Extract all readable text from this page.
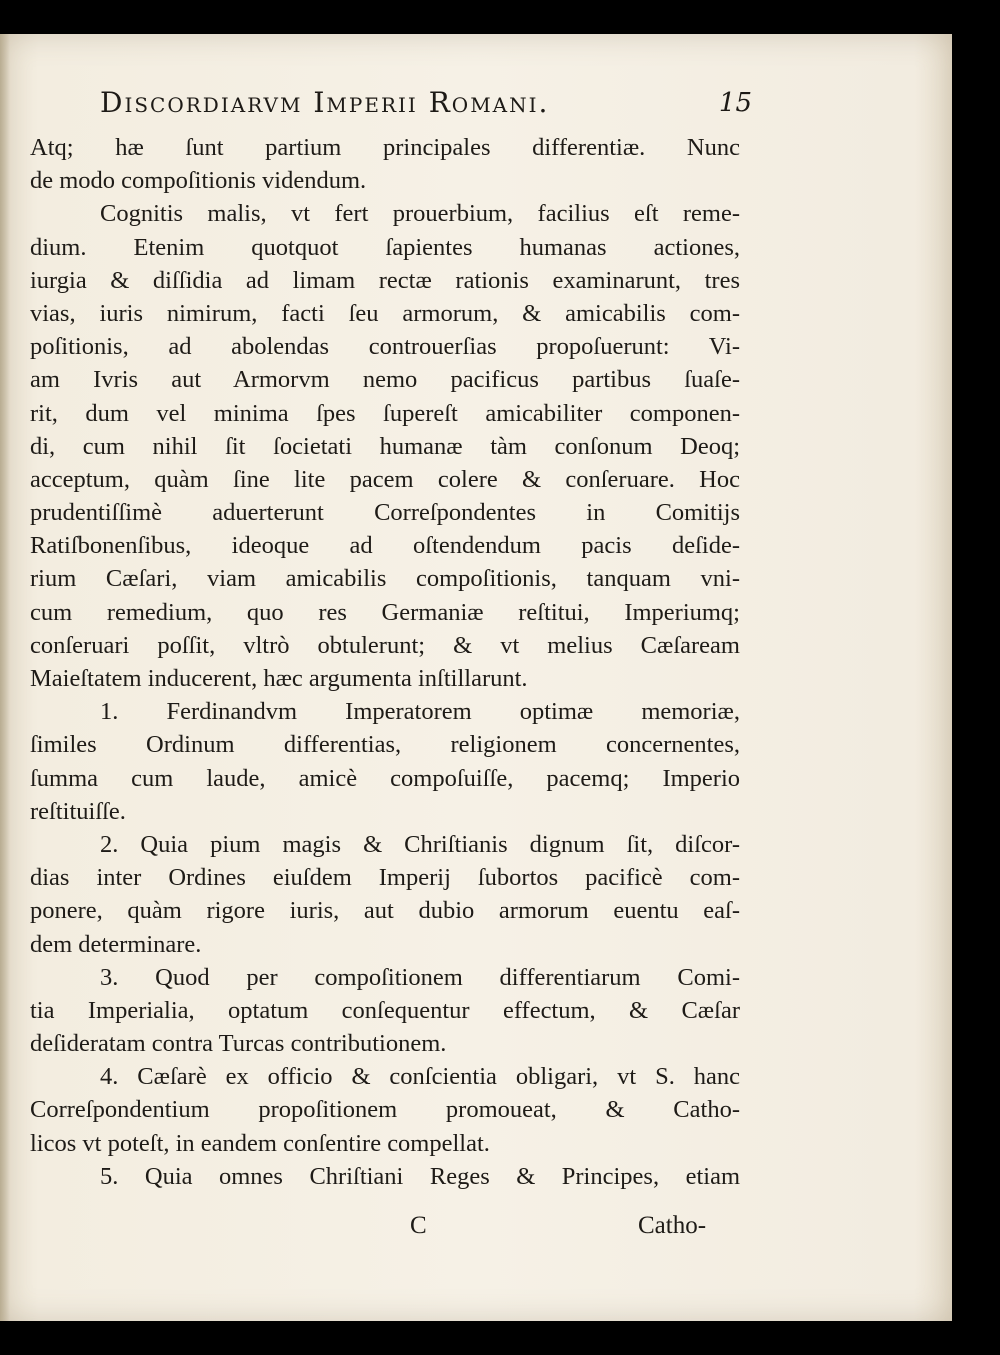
Discordiarvm Imperii Romani.	15
Atq; hæ ſunt partium principales differentiæ. Nunc
de modo compoſitionis videndum.
Cognitis malis, vt fert prouerbium, facilius eſt reme-
dium. Etenim quotquot ſapientes humanas actiones,
iurgia & diſſidia ad limam rectæ rationis examinarunt, tres
vias, iuris nimirum, facti ſeu armorum, & amicabilis com-
poſitionis, ad abolendas controuerſias propoſuerunt: Vi-
am Ivris aut Armorvm nemo pacificus partibus ſuaſe-
rit, dum vel minima ſpes ſupereſt amicabiliter componen-
di, cum nihil ſit ſocietati humanæ tàm conſonum Deoq;
acceptum, quàm ſine lite pacem colere & conſeruare. Hoc
prudentiſſimè aduerterunt Correſpondentes in Comitijs
Ratiſbonenſibus, ideoque ad oſtendendum pacis deſide-
rium Cæſari, viam amicabilis compoſitionis, tanquam vni-
cum remedium, quo res Germaniæ reſtitui, Imperiumq;
conſeruari poſſit, vltrò obtulerunt; & vt melius Cæſaream
Maieſtatem inducerent, hæc argumenta inſtillarunt.
1. Ferdinandvm Imperatorem optimæ memoriæ,
ſimiles Ordinum differentias, religionem concernentes,
ſumma cum laude, amicè compoſuiſſe, pacemq; Imperio
reſtituiſſe.
2. Quia pium magis & Chriſtianis dignum ſit, diſcor-
dias inter Ordines eiuſdem Imperij ſubortos pacificè com-
ponere, quàm rigore iuris, aut dubio armorum euentu eaſ-
dem determinare.
3. Quod per compoſitionem differentiarum Comi-
tia Imperialia, optatum conſequentur effectum, & Cæſar
deſideratam contra Turcas contributionem.
4. Cæſarè ex officio & conſcientia obligari, vt S. hanc
Correſpondentium propoſitionem promoueat, & Catho-
licos vt poteſt, in eandem conſentire compellat.
5. Quia omnes Chriſtiani Reges & Principes, etiam
C	Catho-
